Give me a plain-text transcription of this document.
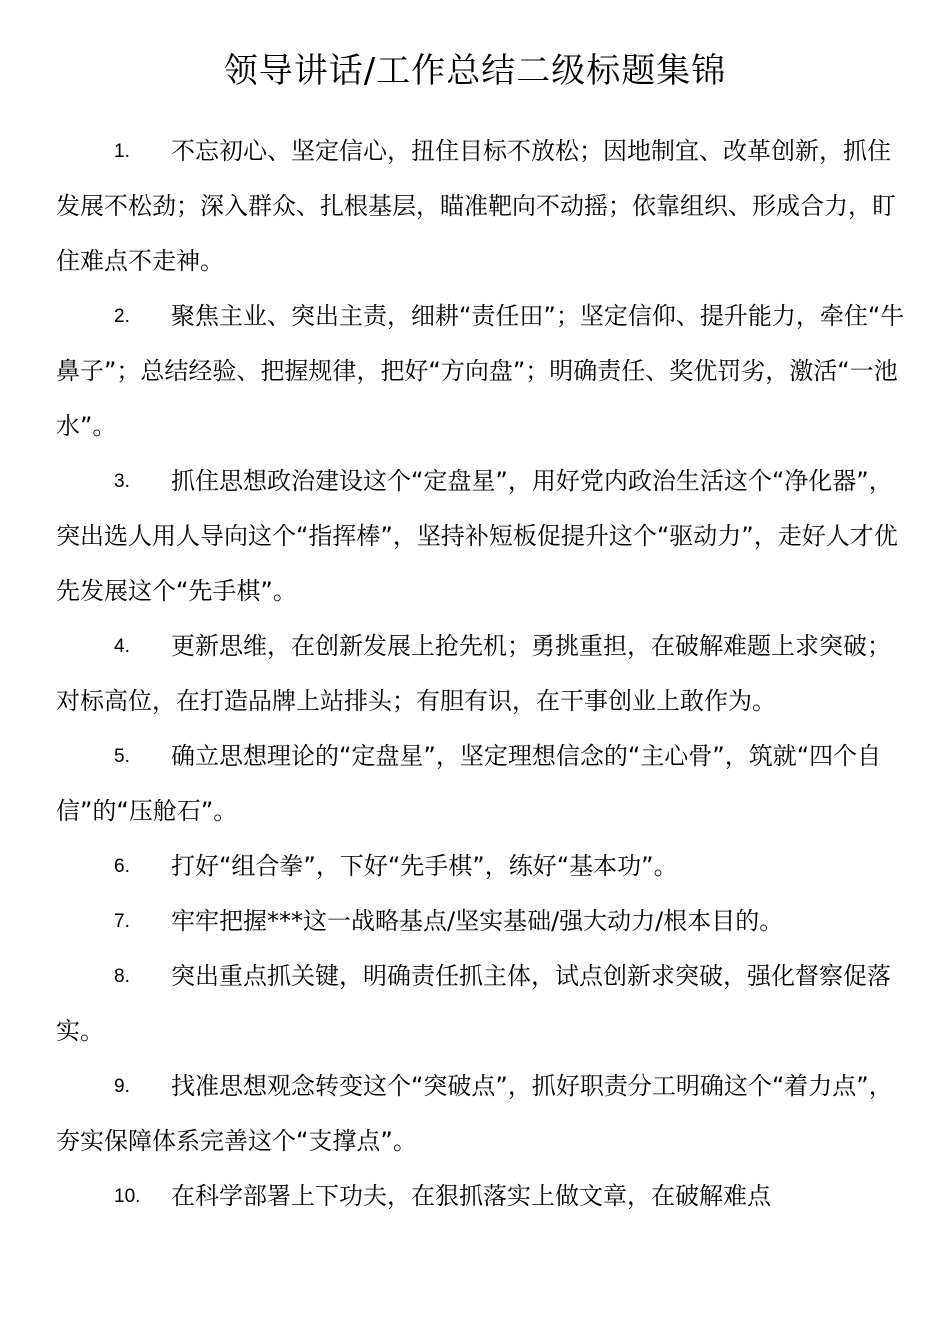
领导讲话/工作总结二级标题集锦

1. 不忘初心、坚定信心，扭住目标不放松；因地制宜、改革创新，抓住发展不松劲；深入群众、扎根基层，瞄准靶向不动摇；依靠组织、形成合力，盯住难点不走神。

2. 聚焦主业、突出主责，细耕“责任田”；坚定信仰、提升能力，牵住“牛鼻子”；总结经验、把握规律，把好“方向盘”；明确责任、奖优罚劣，激活“一池水”。

3. 抓住思想政治建设这个“定盘星”，用好党内政治生活这个“净化器”，突出选人用人导向这个“指挥棒”，坚持补短板促提升这个“驱动力”，走好人才优先发展这个“先手棋”。

4. 更新思维，在创新发展上抢先机；勇挑重担，在破解难题上求突破；对标高位，在打造品牌上站排头；有胆有识，在干事创业上敢作为。

5. 确立思想理论的“定盘星”，坚定理想信念的“主心骨”，筑就“四个自信”的“压舱石”。

6. 打好“组合拳”，下好“先手棋”，练好“基本功”。

7. 牢牢把握***这一战略基点/坚实基础/强大动力/根本目的。

8. 突出重点抓关键，明确责任抓主体，试点创新求突破，强化督察促落实。

9. 找准思想观念转变这个“突破点”，抓好职责分工明确这个“着力点”，夯实保障体系完善这个“支撑点”。

10. 在科学部署上下功夫，在狠抓落实上做文章，在破解难点
